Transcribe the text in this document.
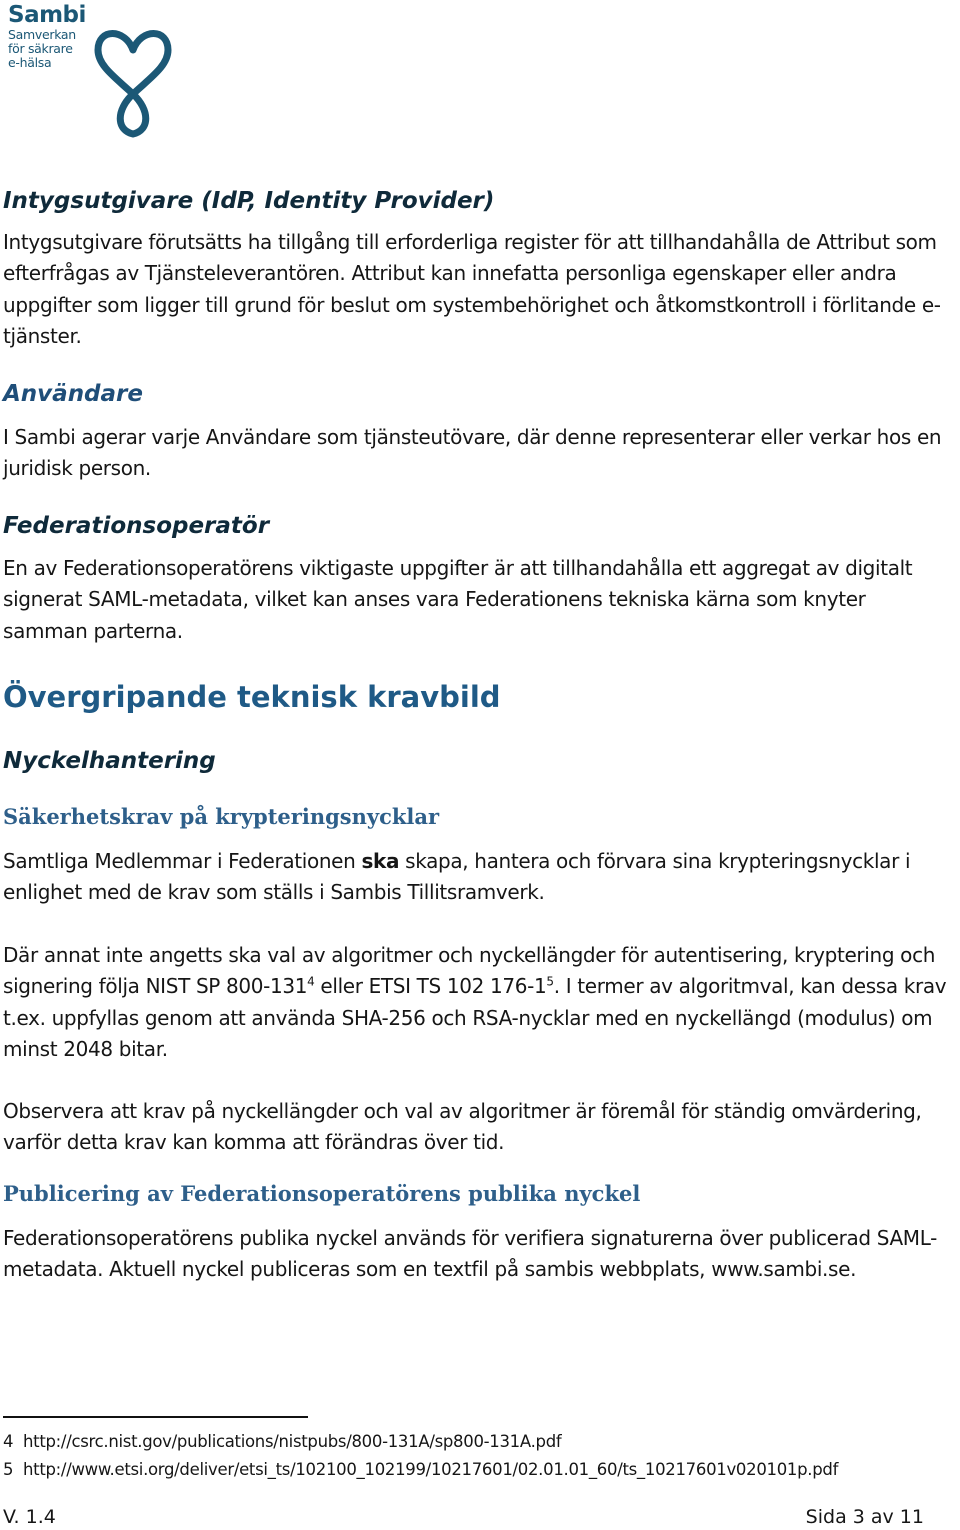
Sambi
Samverkan
för säkrare
e-hälsa
Intygsutgivare (IdP, Identity Provider)

Intygsutgivare förutsätts ha tillgång till erforderliga register för att tillhandahålla de Attribut som efterfrågas av Tjänsteleverantören. Attribut kan innefatta personliga egenskaper eller andra uppgifter som ligger till grund för beslut om systembehörighet och åtkomstkontroll i förlitande e-tjänster.

Användare

I Sambi agerar varje Användare som tjänsteutövare, där denne representerar eller verkar hos en juridisk person.

Federationsoperatör

En av Federationsoperatörens viktigaste uppgifter är att tillhandahålla ett aggregat av digitalt signerat SAML-metadata, vilket kan anses vara Federationens tekniska kärna som knyter samman parterna.

Övergripande teknisk kravbild
Nyckelhantering
Säkerhetskrav på krypteringsnycklar

Samtliga Medlemmar i Federationen ska skapa, hantera och förvara sina krypteringsnycklar i enlighet med de krav som ställs i Sambis Tillitsramverk.

Där annat inte angetts ska val av algoritmer och nyckellängder för autentisering, kryptering och signering följa NIST SP $800-131^4$ eller ETSI TS 102 $176-1^5$. I termer av algoritmval, kan dessa krav t.ex. uppfyllas genom att använda SHA-256 och RSA-nycklar med en nyckellängd (modulus) om minst 2048 bitar.

Observera att krav på nyckellängder och val av algoritmer är föremål för ständig omvärdering, varför detta krav kan komma att förändras över tid.

Publicering av Federationsoperatörens publika nyckel

Federationsoperatörens publika nyckel används för verifiera signaturerna över publicerad SAML-metadata. Aktuell nyckel publiceras som en textfil på sambis webbplats, www.sambi.se.

4 http://csrc.nist.gov/publications/nistpubs/800-131A/sp800-131A.pdf
5 http://www.etsi.org/deliver/etsi_ts/102100_102199/10217601/02.01.01_60/ts_10217601v020101p.pdf
V. 1.4	Sida 3 av 11
